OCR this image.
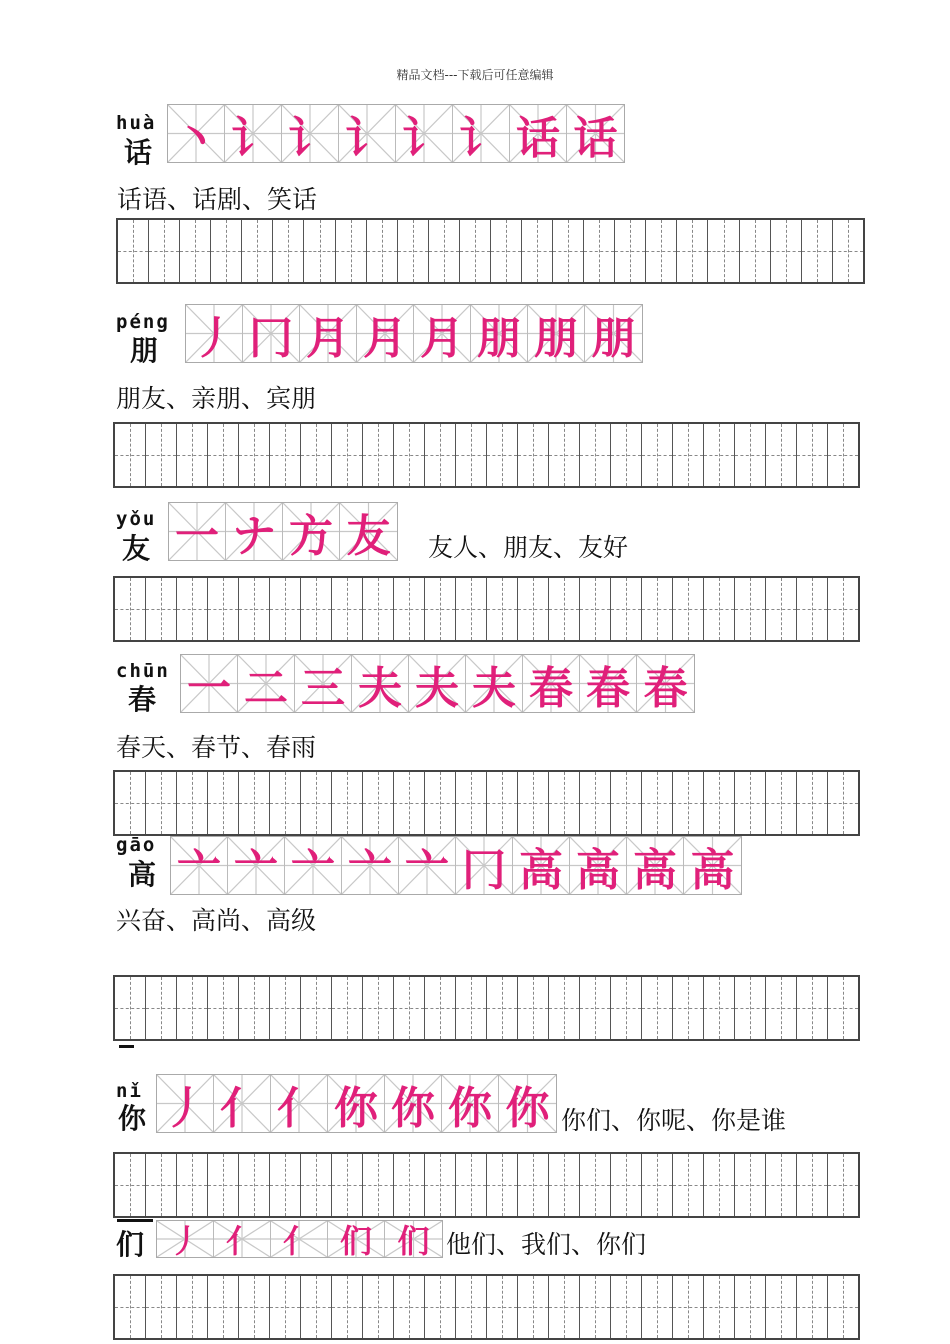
精品文档---下载后可任意编辑
huà
话 丶 讠 讠 讠 讠 讠 话 话
话语、话剧、笑话
péng
朋 丿 冂 月 月 月 朋 朋 朋
朋友、亲朋、宾朋
yǒu
友 一 ナ 方 友 友人、朋友、友好
chūn
春 一 二 三 夫 夫 夫 春 春 春
春天、春节、春雨
gāo
高 亠 亠 亠 亠 亠 冂 高 高 高 高
兴奋、高尚、高级
nǐ
你 丿 亻 亻 你 你 你 你 你们、你呢、你是谁
们 丿 亻 亻 们 们 他们、我们、你们
